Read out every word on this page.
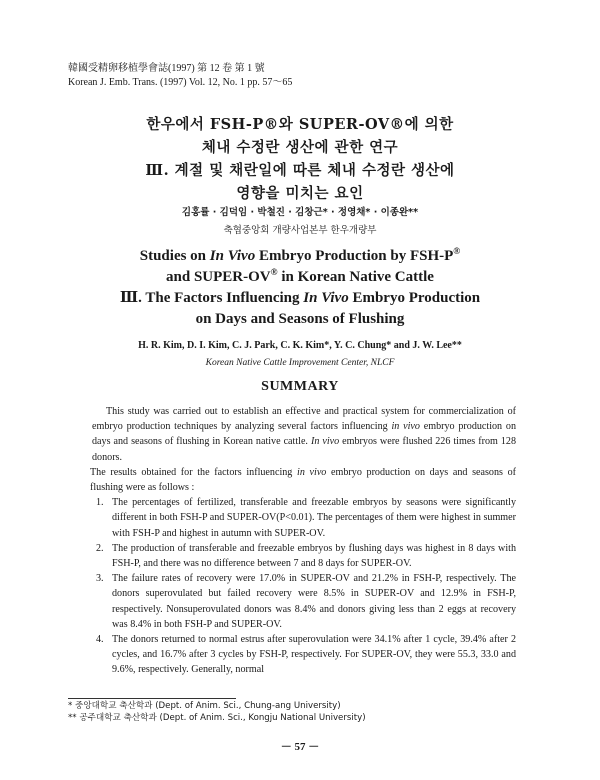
韓國受精卵移植學會誌(1997) 第 12 卷 第 1 號
Korean J. Emb. Trans. (1997) Vol. 12, No. 1 pp. 57～65
한우에서 FSH-P®와 SUPER-OV®에 의한
체내 수정란 생산에 관한 연구
Ⅲ. 계절 및 채란일에 따른 체내 수정란 생산에
영향을 미치는 요인
김홍률 · 김덕임 · 박철진 · 김창근* · 정영채* · 이종완**
축협중앙회 개량사업본부 한우개량부
Studies on In Vivo Embryo Production by FSH-P®
and SUPER-OV® in Korean Native Cattle
Ⅲ. The Factors Influencing In Vivo Embryo Production
on Days and Seasons of Flushing
H. R. Kim, D. I. Kim, C. J. Park, C. K. Kim*, Y. C. Chung* and J. W. Lee**
Korean Native Cattle Improvement Center, NLCF
SUMMARY

This study was carried out to establish an effective and practical system for commercialization of embryo production techniques by analyzing several factors influencing in vivo embryo production on days and seasons of flushing in Korean native cattle. In vivo embryos were flushed 226 times from 128 donors.

The results obtained for the factors influencing in vivo embryo production on days and seasons of flushing were as follows :

1. The percentages of fertilized, transferable and freezable embryos by seasons were significantly different in both FSH-P and SUPER-OV(P<0.01). The percentages of them were highest in summer with FSH-P and highest in autumn with SUPER-OV.
2. The production of transferable and freezable embryos by flushing days was highest in 8 days with FSH-P, and there was no difference between 7 and 8 days for SUPER-OV.
3. The failure rates of recovery were 17.0% in SUPER-OV and 21.2% in FSH-P, respectively. The donors superovulated but failed recovery were 8.5% in SUPER-OV and 12.9% in FSH-P, respectively. Nonsuperovulated donors was 8.4% and donors giving less than 2 eggs at recovery was 8.4% in both FSH-P and SUPER-OV.
4. The donors returned to normal estrus after superovulation were 34.1% after 1 cycle, 39.4% after 2 cycles, and 16.7% after 3 cycles by FSH-P, respectively. For SUPER-OV, they were 55.3, 33.0 and 9.6%, respectively. Generally, normal
* 중앙대학교 축산학과 (Dept. of Anim. Sci., Chung-ang University)
** 공주대학교 축산학과 (Dept. of Anim. Sci., Kongju National University)
－ 57 －
